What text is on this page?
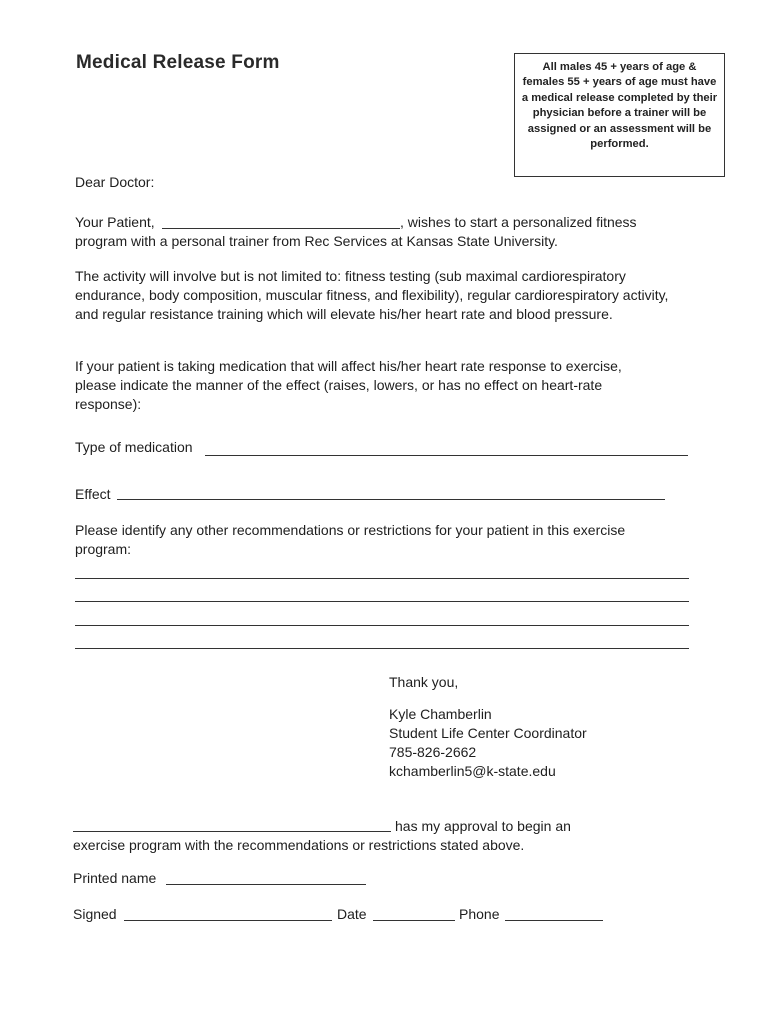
Medical Release Form	All males 45 + years of age & females 55 + years of age must have a medical release completed by their physician before a trainer will be assigned or an assessment will be performed.
Dear Doctor:
Your Patient,	, wishes to start a personalized fitness
program with a personal trainer from Rec Services at Kansas State University.
The activity will involve but is not limited to: fitness testing (sub maximal cardiorespiratory endurance, body composition, muscular fitness, and flexibility), regular cardiorespiratory activity, and regular resistance training which will elevate his/her heart rate and blood pressure.
If your patient is taking medication that will affect his/her heart rate response to exercise, please indicate the manner of the effect (raises, lowers, or has no effect on heart-rate response):
Type of medication
Effect
Please identify any other recommendations or restrictions for your patient in this exercise program:
Thank you,
Kyle Chamberlin
Student Life Center Coordinator
785-826-2662
kchamberlin5@k-state.edu
has my approval to begin an
exercise program with the recommendations or restrictions stated above.
Printed name
Signed	Date	Phone
